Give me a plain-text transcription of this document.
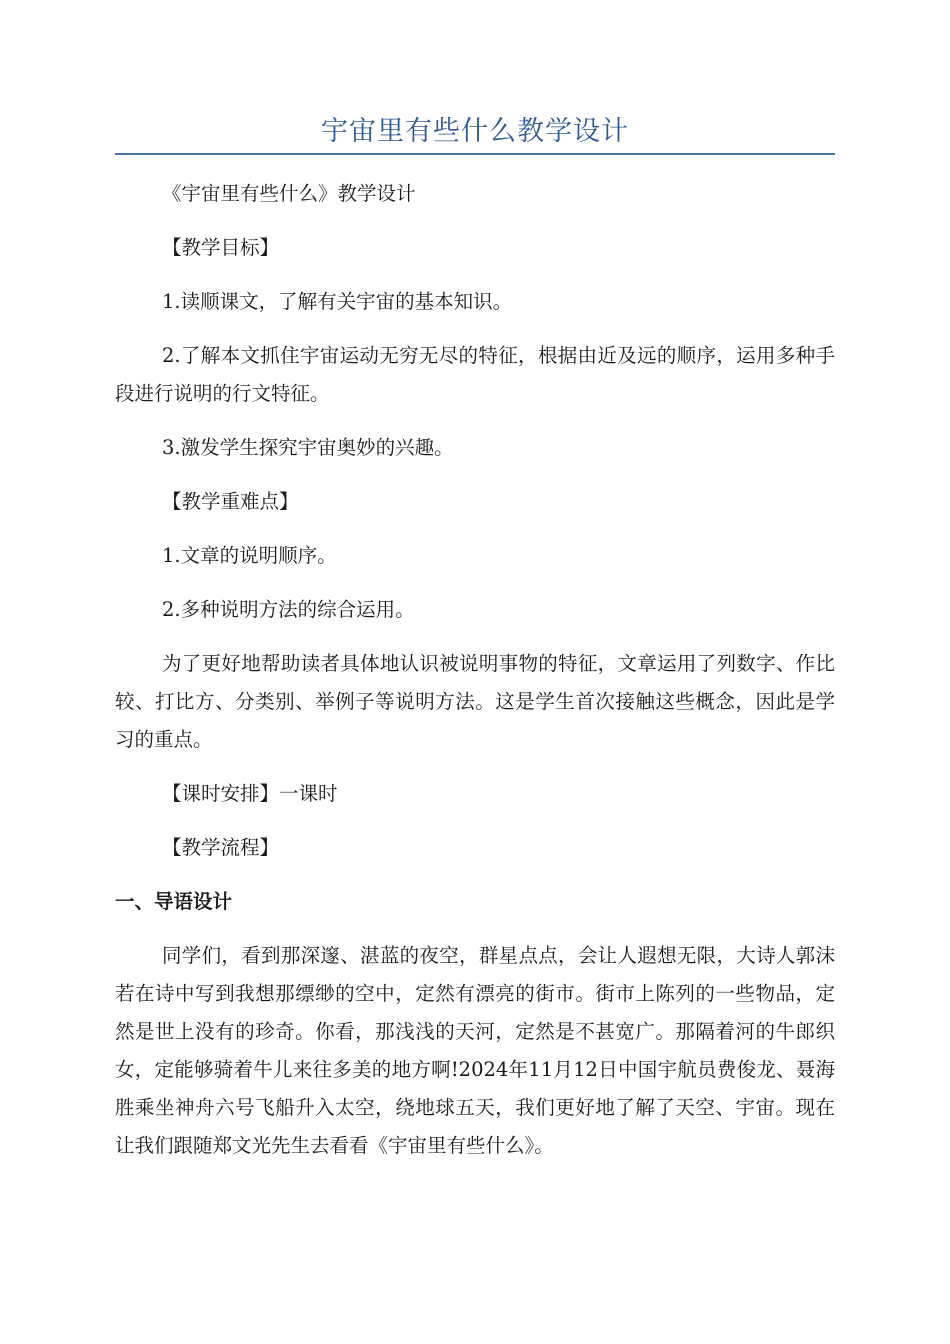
宇宙里有些什么教学设计

《宇宙里有些什么》教学设计

【教学目标】

1.读顺课文，了解有关宇宙的基本知识。

2.了解本文抓住宇宙运动无穷无尽的特征，根据由近及远的顺序，运用多种手段进行说明的行文特征。

3.激发学生探究宇宙奥妙的兴趣。

【教学重难点】

1.文章的说明顺序。

2.多种说明方法的综合运用。

为了更好地帮助读者具体地认识被说明事物的特征，文章运用了列数字、作比较、打比方、分类别、举例子等说明方法。这是学生首次接触这些概念，因此是学习的重点。

【课时安排】一课时

【教学流程】

一、导语设计

同学们，看到那深邃、湛蓝的夜空，群星点点，会让人遐想无限，大诗人郭沫若在诗中写到我想那缥缈的空中，定然有漂亮的街市。街市上陈列的一些物品，定然是世上没有的珍奇。你看，那浅浅的天河，定然是不甚宽广。那隔着河的牛郎织女，定能够骑着牛儿来往多美的地方啊!2024年11月12日中国宇航员费俊龙、聂海胜乘坐神舟六号飞船升入太空，绕地球五天，我们更好地了解了天空、宇宙。现在让我们跟随郑文光先生去看看《宇宙里有些什么》。
